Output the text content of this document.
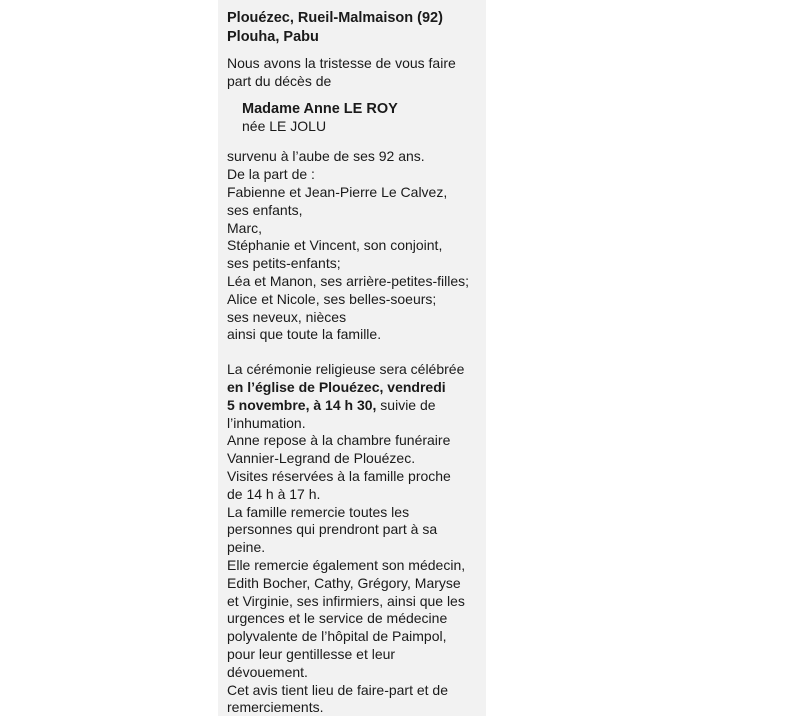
Plouézec, Rueil-Malmaison (92)
Plouha, Pabu
Nous avons la tristesse de vous faire
part du décès de
Madame Anne LE ROY
née LE JOLU
survenu à l’aube de ses 92 ans.
De la part de :
Fabienne et Jean-Pierre Le Calvez,
ses enfants,
Marc,
Stéphanie et Vincent, son conjoint,
ses petits-enfants;
Léa et Manon, ses arrière-petites-filles;
Alice et Nicole, ses belles-soeurs;
ses neveux, nièces
ainsi que toute la famille.
La cérémonie religieuse sera célébrée
en l’église de Plouézec, vendredi
5 novembre, à 14 h 30, suivie de
l’inhumation.
Anne repose à la chambre funéraire
Vannier-Legrand de Plouézec.
Visites réservées à la famille proche
de 14 h à 17 h.
La famille remercie toutes les
personnes qui prendront part à sa
peine.
Elle remercie également son médecin,
Edith Bocher, Cathy, Grégory, Maryse
et Virginie, ses infirmiers, ainsi que les
urgences et le service de médecine
polyvalente de l’hôpital de Paimpol,
pour leur gentillesse et leur
dévouement.
Cet avis tient lieu de faire-part et de
remerciements.
